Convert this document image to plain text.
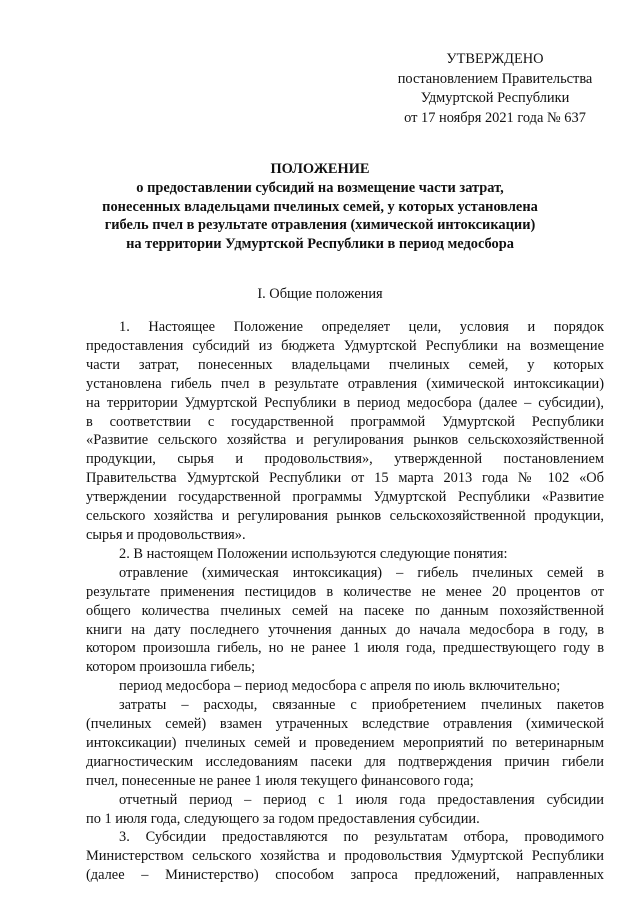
УТВЕРЖДЕНО
постановлением Правительства
Удмуртской Республики
от 17 ноября 2021 года № 637
ПОЛОЖЕНИЕ
о предоставлении субсидий на возмещение части затрат,
понесенных владельцами пчелиных семей, у которых установлена
гибель пчел в результате отравления (химической интоксикации)
на территории Удмуртской Республики в период медосбора
I. Общие положения
1. Настоящее Положение определяет цели, условия и порядок
предоставления субсидий из бюджета Удмуртской Республики на возмещение
части затрат, понесенных владельцами пчелиных семей, у которых
установлена гибель пчел в результате отравления (химической интоксикации)
на территории Удмуртской Республики в период медосбора (далее – субсидии),
в соответствии с государственной программой Удмуртской Республики
«Развитие сельского хозяйства и регулирования рынков сельскохозяйственной
продукции, сырья и продовольствия», утвержденной постановлением
Правительства Удмуртской Республики от 15 марта 2013 года № 102 «Об
утверждении государственной программы Удмуртской Республики «Развитие
сельского хозяйства и регулирования рынков сельскохозяйственной продукции,
сырья и продовольствия».
2. В настоящем Положении используются следующие понятия:
отравление (химическая интоксикация) – гибель пчелиных семей в
результате применения пестицидов в количестве не менее 20 процентов от
общего количества пчелиных семей на пасеке по данным похозяйственной
книги на дату последнего уточнения данных до начала медосбора в году, в
котором произошла гибель, но не ранее 1 июля года, предшествующего году в
котором произошла гибель;
период медосбора – период медосбора с апреля по июль включительно;
затраты – расходы, связанные с приобретением пчелиных пакетов
(пчелиных семей) взамен утраченных вследствие отравления (химической
интоксикации) пчелиных семей и проведением мероприятий по ветеринарным
диагностическим исследованиям пасеки для подтверждения причин гибели
пчел, понесенные не ранее 1 июля текущего финансового года;
отчетный период – период с 1 июля года предоставления субсидии
по 1 июля года, следующего за годом предоставления субсидии.
3. Субсидии предоставляются по результатам отбора, проводимого
Министерством сельского хозяйства и продовольствия Удмуртской Республики
(далее – Министерство) способом запроса предложений, направленных
